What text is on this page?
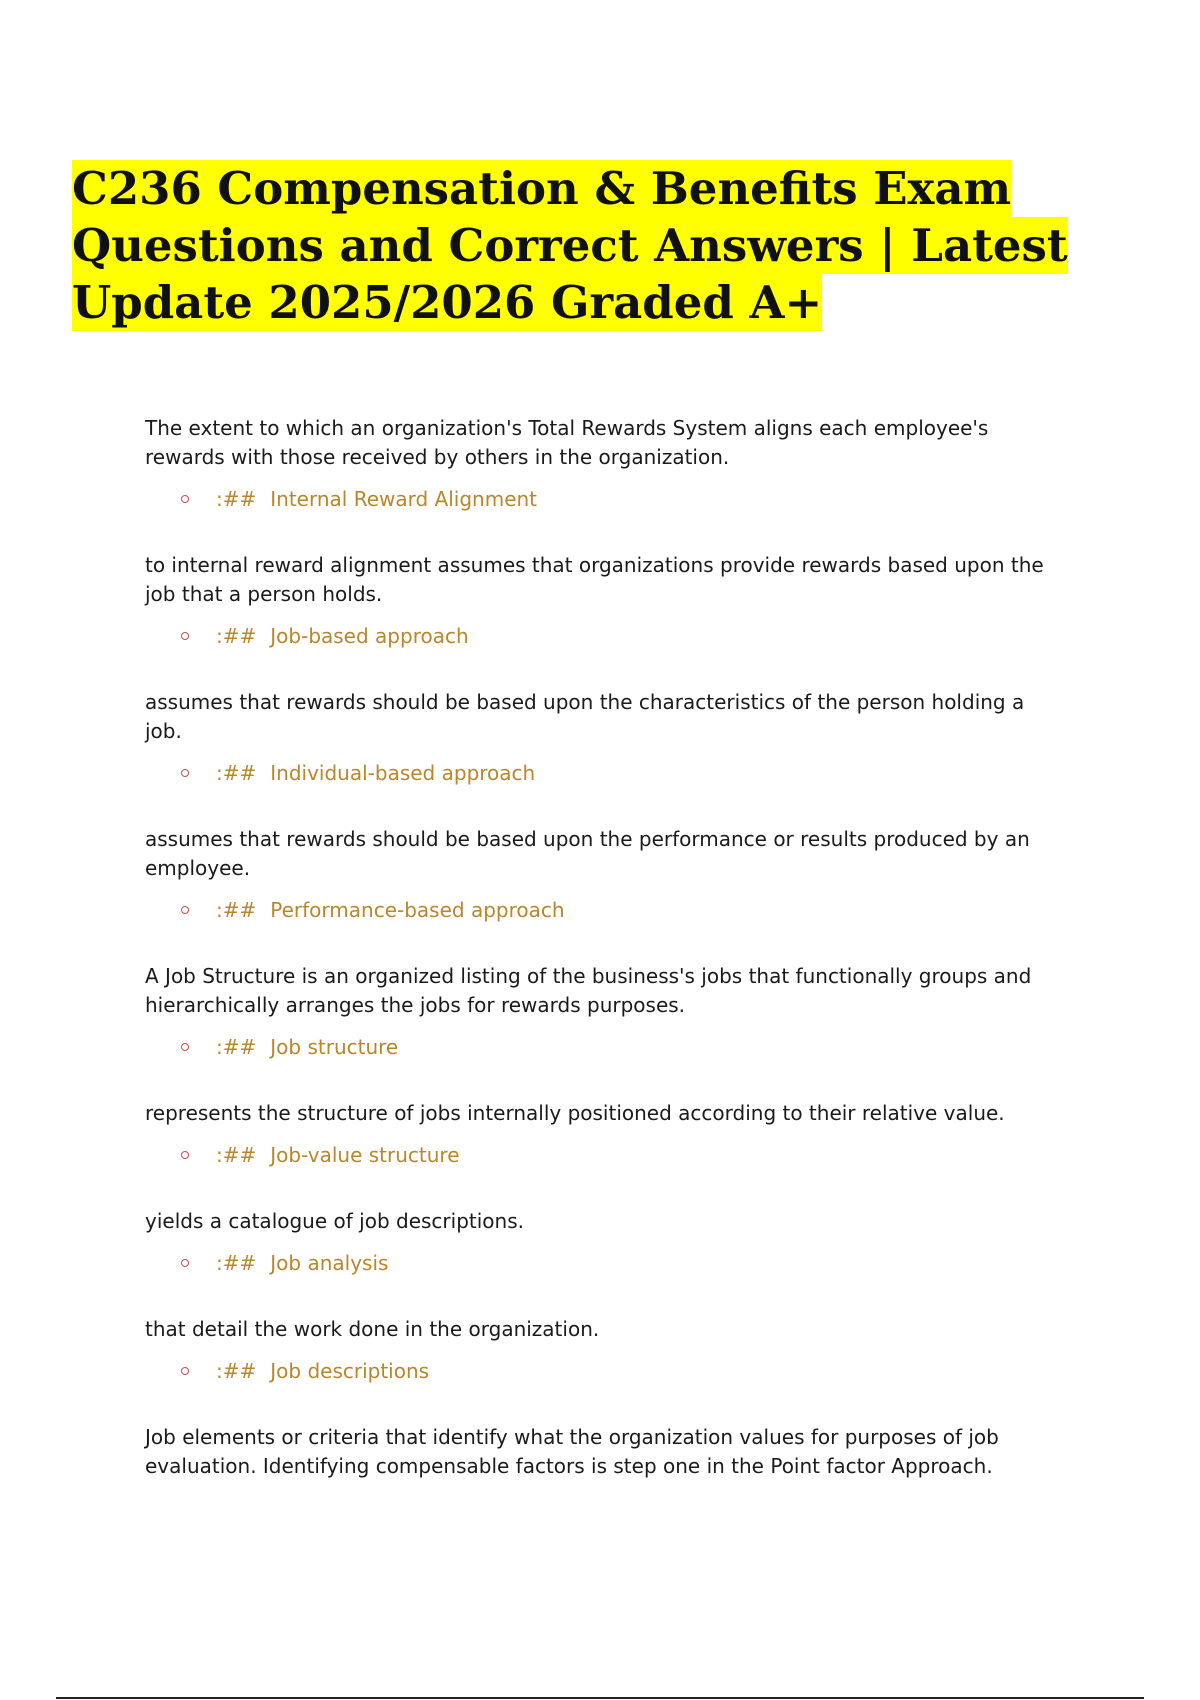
C236 Compensation & Benefits Exam Questions and Correct Answers | Latest Update 2025/2026 Graded A+

The extent to which an organization's Total Rewards System aligns each employee's rewards with those received by others in the organization.

:## Internal Reward Alignment

to internal reward alignment assumes that organizations provide rewards based upon the job that a person holds.

:## Job-based approach

assumes that rewards should be based upon the characteristics of the person holding a job.

:## Individual-based approach

assumes that rewards should be based upon the performance or results produced by an employee.

:## Performance-based approach

A Job Structure is an organized listing of the business's jobs that functionally groups and hierarchically arranges the jobs for rewards purposes.

:## Job structure

represents the structure of jobs internally positioned according to their relative value.

:## Job-value structure

yields a catalogue of job descriptions.

:## Job analysis

that detail the work done in the organization.

:## Job descriptions

Job elements or criteria that identify what the organization values for purposes of job evaluation. Identifying compensable factors is step one in the Point factor Approach.
